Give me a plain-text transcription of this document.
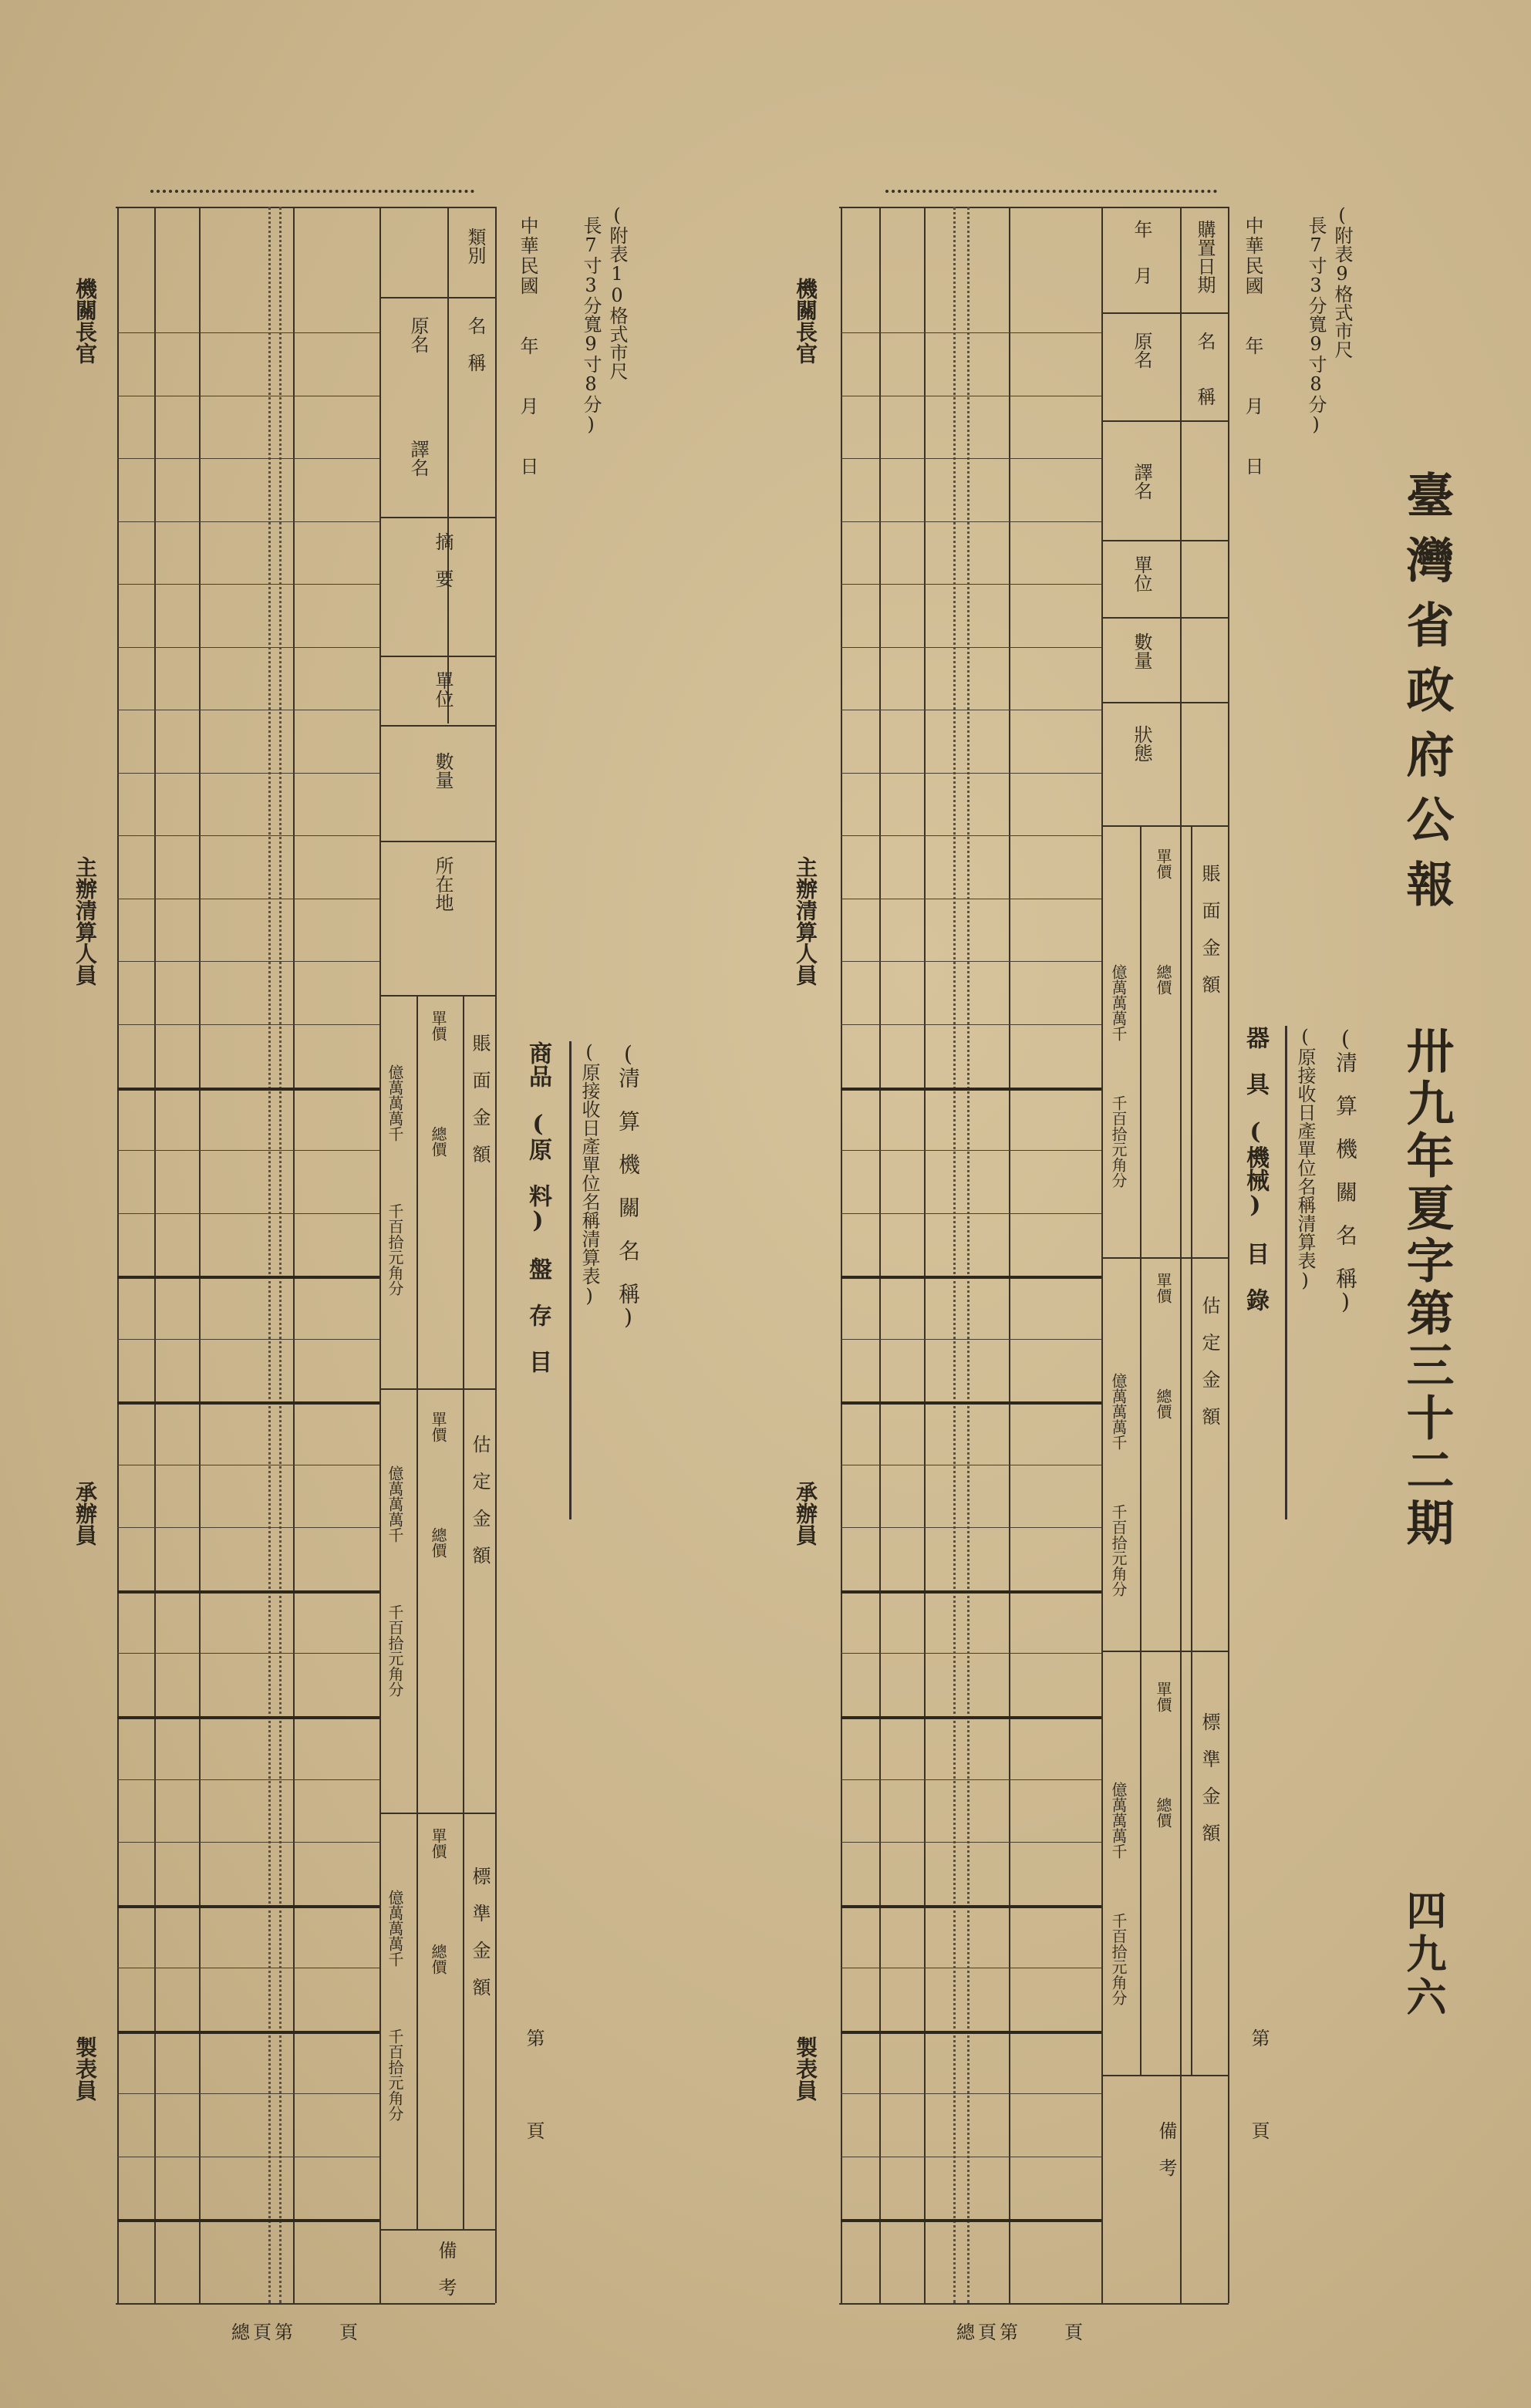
臺灣省政府公報
卅九年夏字第三十二期
四九六
(附表9格式市尺
長7寸3分寬9寸8分)
中華民國　　年　　月　　日
第　　　　頁
(清　算　機　關　名　稱)
(原接收日產單位名稱清算表)
器　具　(機械)　目　錄
購置日期
年
月
名　　稱
原名
譯名
單位
數量
狀態
賬　面　金　額
單價
總價
億萬萬萬千
千百拾元角分
估　定　金　額
單價
總價
億萬萬萬千
千百拾元角分
標　準　金　額
單價
總價
億萬萬萬千
千百拾元角分
備　考
機關長官
主辦清算人員
承辦員
製表員
總頁第　　頁
(附表10格式市尺
長7寸3分寬9寸8分)
中華民國　　年　　月　　日
第　　　　頁
(清　算　機　關　名　稱)
(原接收日產單位名稱清算表)
商品　(原　料)　盤　存　目
類別
名　稱
原名
譯名
摘　要
單位
數量
所在地
賬　面　金　額
單價
總價
億萬萬萬千
千百拾元角分
估　定　金　額
單價
總價
億萬萬萬千
千百拾元角分
標　準　金　額
單價
總價
億萬萬萬千
千百拾元角分
備　考
機關長官
主辦清算人員
承辦員
製表員
總頁第　　頁
